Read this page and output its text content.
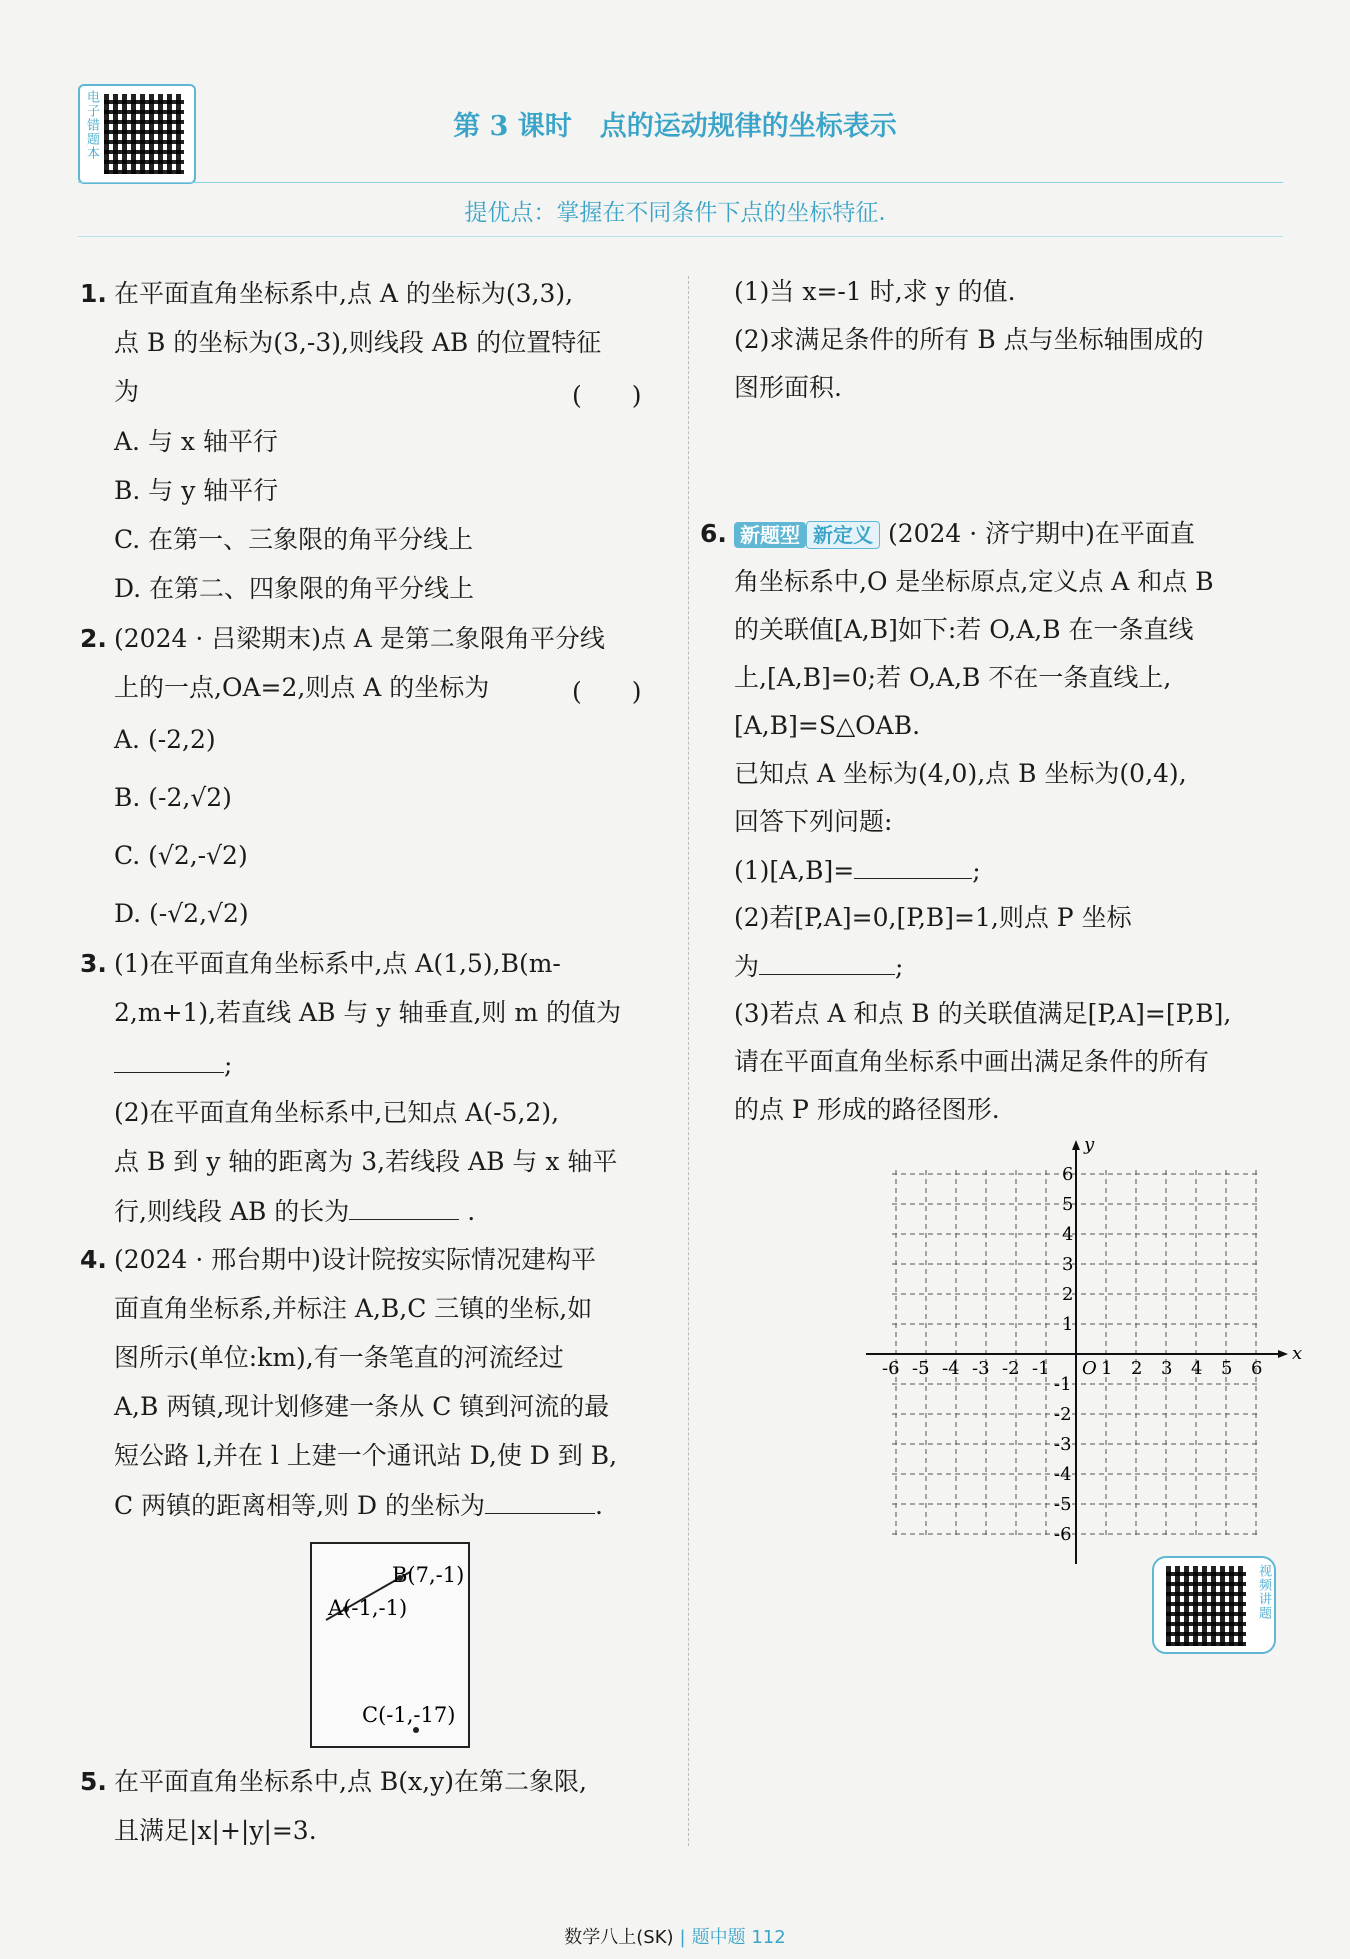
电子错题本	第 3 课时 点的运动规律的坐标表示
提优点：掌握在不同条件下点的坐标特征.
1. 在平面直角坐标系中,点 A 的坐标为(3,3),
点 B 的坐标为(3,-3),则线段 AB 的位置特征
为	(　　)
A. 与 x 轴平行
B. 与 y 轴平行
C. 在第一、三象限的角平分线上
D. 在第二、四象限的角平分线上
2. (2024 · 吕梁期末)点 A 是第二象限角平分线
上的一点,OA=2,则点 A 的坐标为	(　　)
A. (-2,2)
B. (-2,√2)
C. (√2,-√2)
D. (-√2,√2)
3. (1)在平面直角坐标系中,点 A(1,5),B(m-
2,m+1),若直线 AB 与 y 轴垂直,则 m 的值为
;
(2)在平面直角坐标系中,已知点 A(-5,2),
点 B 到 y 轴的距离为 3,若线段 AB 与 x 轴平
行,则线段 AB 的长为	.
4. (2024 · 邢台期中)设计院按实际情况建构平
面直角坐标系,并标注 A,B,C 三镇的坐标,如
图所示(单位:km),有一条笔直的河流经过
A,B 两镇,现计划修建一条从 C 镇到河流的最
短公路 l,并在 l 上建一个通讯站 D,使 D 到 B,
C 两镇的距离相等,则 D 的坐标为	.
B(7,-1)
A(-1,-1)
C(-1,-17)
5. 在平面直角坐标系中,点 B(x,y)在第二象限,
且满足|x|+|y|=3.
(1)当 x=-1 时,求 y 的值.
(2)求满足条件的所有 B 点与坐标轴围成的
图形面积.
6. 新题型 新定义 (2024 · 济宁期中)在平面直
角坐标系中,O 是坐标原点,定义点 A 和点 B
的关联值[A,B]如下:若 O,A,B 在一条直线
上,[A,B]=0;若 O,A,B 不在一条直线上,
[A,B]=S△OAB.
已知点 A 坐标为(4,0),点 B 坐标为(0,4),
回答下列问题:
(1)[A,B]=	;
(2)若[P,A]=0,[P,B]=1,则点 P 坐标
为	;
(3)若点 A 和点 B 的关联值满足[P,A]=[P,B],
请在平面直角坐标系中画出满足条件的所有
的点 P 形成的路径图形.
x
y
O
-6 -5 -4 -3 -2 -1	1 2 3 4 5 6
6
5
4
3
2
1
-1
-2
-3
-4
-5
-6
视频讲题
数学八上(SK) | 题中题 112
